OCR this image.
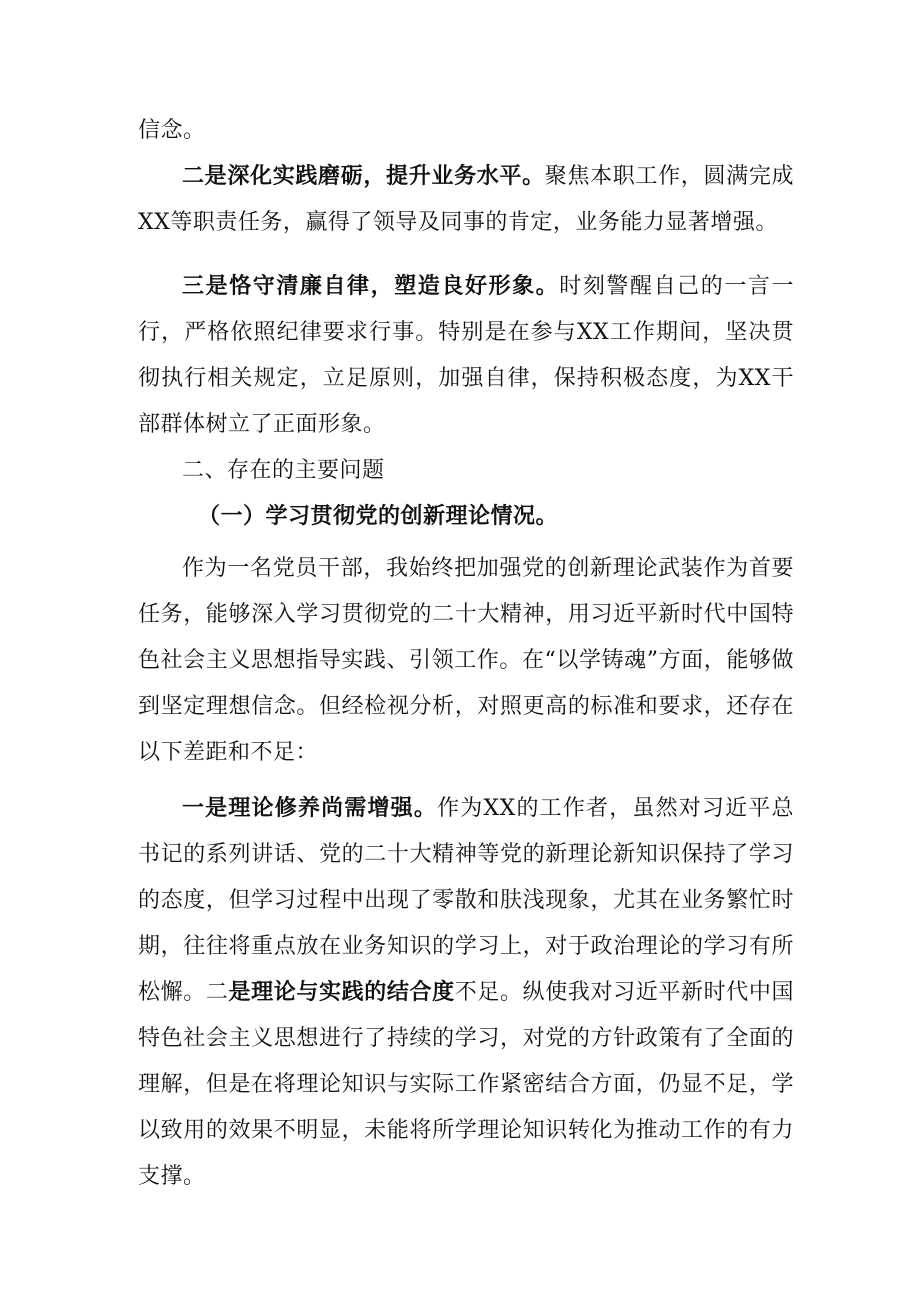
信念。

二是深化实践磨砺，提升业务水平。聚焦本职工作，圆满完成XX等职责任务，赢得了领导及同事的肯定，业务能力显著增强。

三是恪守清廉自律，塑造良好形象。时刻警醒自己的一言一行，严格依照纪律要求行事。特别是在参与XX工作期间，坚决贯彻执行相关规定，立足原则，加强自律，保持积极态度，为XX干部群体树立了正面形象。

二、存在的主要问题

（一）学习贯彻党的创新理论情况。

作为一名党员干部，我始终把加强党的创新理论武装作为首要任务，能够深入学习贯彻党的二十大精神，用习近平新时代中国特色社会主义思想指导实践、引领工作。在“以学铸魂”方面，能够做到坚定理想信念。但经检视分析，对照更高的标准和要求，还存在以下差距和不足：

一是理论修养尚需增强。作为XX的工作者，虽然对习近平总书记的系列讲话、党的二十大精神等党的新理论新知识保持了学习的态度，但学习过程中出现了零散和肤浅现象，尤其在业务繁忙时期，往往将重点放在业务知识的学习上，对于政治理论的学习有所松懈。二是理论与实践的结合度不足。纵使我对习近平新时代中国特色社会主义思想进行了持续的学习，对党的方针政策有了全面的理解，但是在将理论知识与实际工作紧密结合方面，仍显不足，学以致用的效果不明显，未能将所学理论知识转化为推动工作的有力支撑。
